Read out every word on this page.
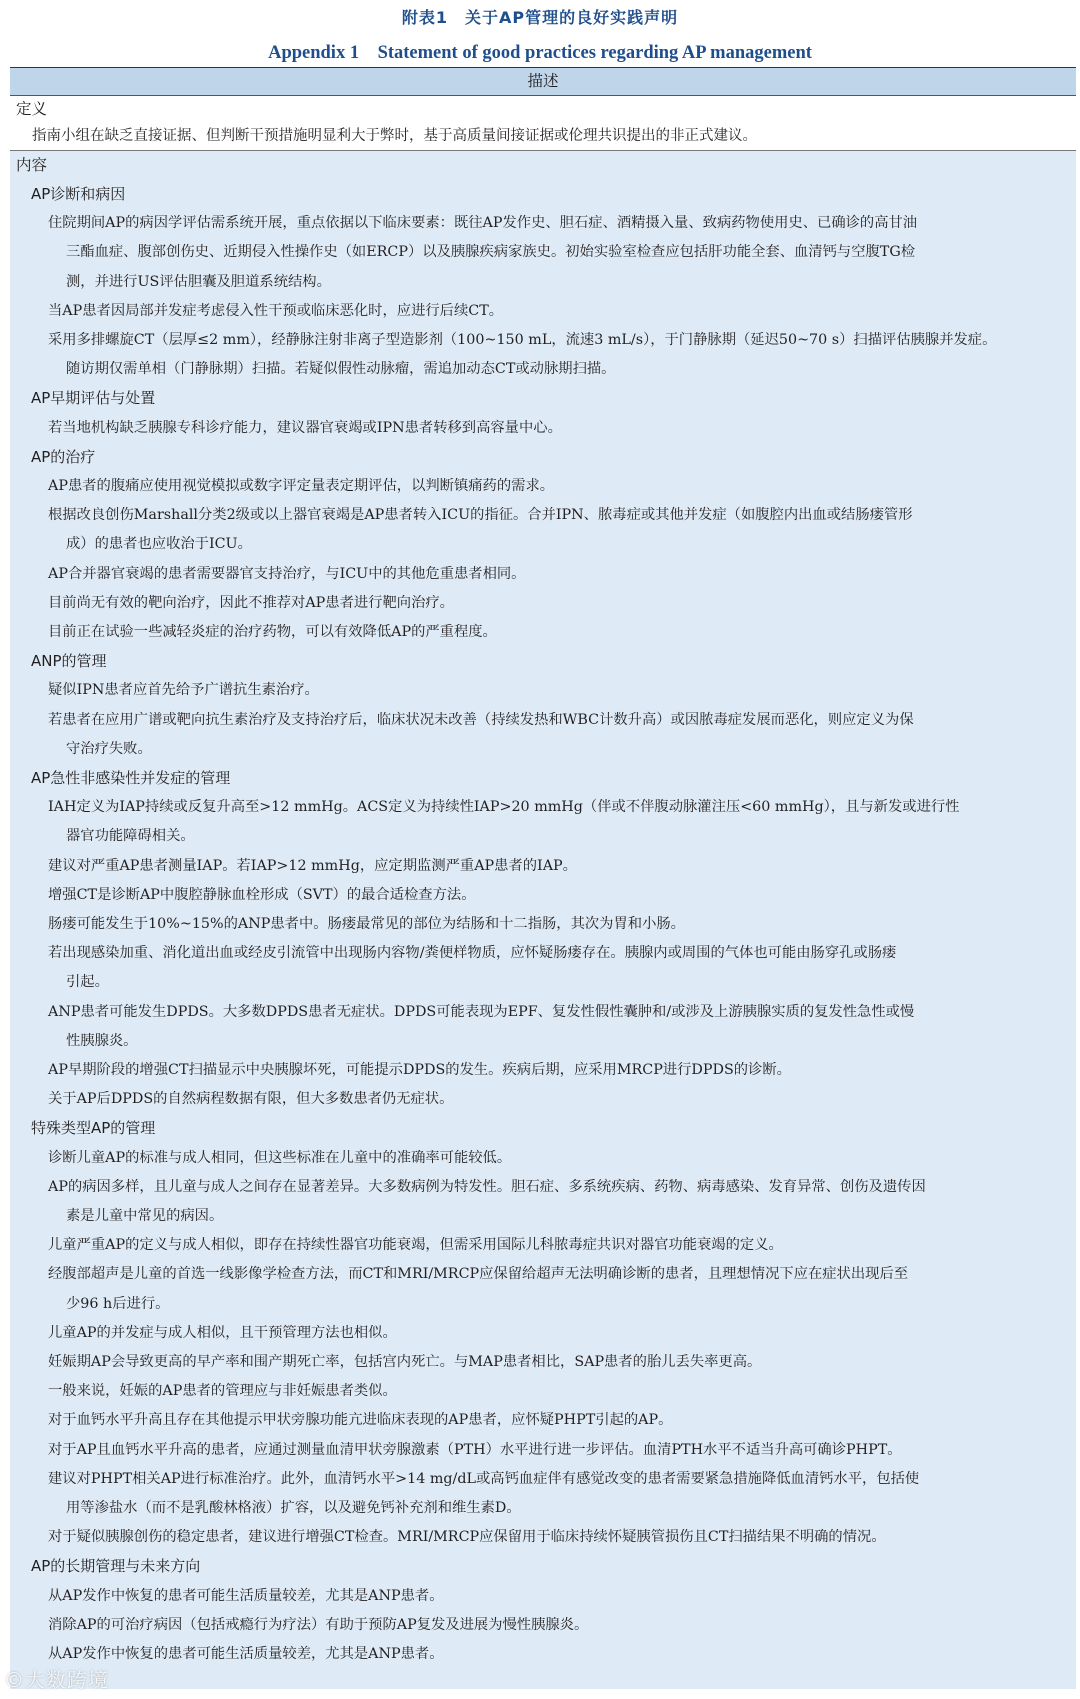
附表1　关于AP管理的良好实践声明
Appendix 1　Statement of good practices regarding AP management
描述
定义
指南小组在缺乏直接证据、但判断干预措施明显利大于弊时，基于高质量间接证据或伦理共识提出的非正式建议。
内容
AP诊断和病因
住院期间AP的病因学评估需系统开展，重点依据以下临床要素：既往AP发作史、胆石症、酒精摄入量、致病药物使用史、已确诊的高甘油
三酯血症、腹部创伤史、近期侵入性操作史（如ERCP）以及胰腺疾病家族史。初始实验室检查应包括肝功能全套、血清钙与空腹TG检
测，并进行US评估胆囊及胆道系统结构。
当AP患者因局部并发症考虑侵入性干预或临床恶化时，应进行后续CT。
采用多排螺旋CT（层厚≤2 mm），经静脉注射非离子型造影剂（100~150 mL，流速3 mL/s），于门静脉期（延迟50~70 s）扫描评估胰腺并发症。
随访期仅需单相（门静脉期）扫描。若疑似假性动脉瘤，需追加动态CT或动脉期扫描。
AP早期评估与处置
若当地机构缺乏胰腺专科诊疗能力，建议器官衰竭或IPN患者转移到高容量中心。
AP的治疗
AP患者的腹痛应使用视觉模拟或数字评定量表定期评估，以判断镇痛药的需求。
根据改良创伤Marshall分类2级或以上器官衰竭是AP患者转入ICU的指征。合并IPN、脓毒症或其他并发症（如腹腔内出血或结肠瘘管形
成）的患者也应收治于ICU。
AP合并器官衰竭的患者需要器官支持治疗，与ICU中的其他危重患者相同。
目前尚无有效的靶向治疗，因此不推荐对AP患者进行靶向治疗。
目前正在试验一些减轻炎症的治疗药物，可以有效降低AP的严重程度。
ANP的管理
疑似IPN患者应首先给予广谱抗生素治疗。
若患者在应用广谱或靶向抗生素治疗及支持治疗后，临床状况未改善（持续发热和WBC计数升高）或因脓毒症发展而恶化，则应定义为保
守治疗失败。
AP急性非感染性并发症的管理
IAH定义为IAP持续或反复升高至>12 mmHg。ACS定义为持续性IAP>20 mmHg（伴或不伴腹动脉灌注压<60 mmHg），且与新发或进行性
器官功能障碍相关。
建议对严重AP患者测量IAP。若IAP>12 mmHg，应定期监测严重AP患者的IAP。
增强CT是诊断AP中腹腔静脉血栓形成（SVT）的最合适检查方法。
肠瘘可能发生于10%~15%的ANP患者中。肠瘘最常见的部位为结肠和十二指肠，其次为胃和小肠。
若出现感染加重、消化道出血或经皮引流管中出现肠内容物/粪便样物质，应怀疑肠瘘存在。胰腺内或周围的气体也可能由肠穿孔或肠瘘
引起。
ANP患者可能发生DPDS。大多数DPDS患者无症状。DPDS可能表现为EPF、复发性假性囊肿和/或涉及上游胰腺实质的复发性急性或慢
性胰腺炎。
AP早期阶段的增强CT扫描显示中央胰腺坏死，可能提示DPDS的发生。疾病后期，应采用MRCP进行DPDS的诊断。
关于AP后DPDS的自然病程数据有限，但大多数患者仍无症状。
特殊类型AP的管理
诊断儿童AP的标准与成人相同，但这些标准在儿童中的准确率可能较低。
AP的病因多样，且儿童与成人之间存在显著差异。大多数病例为特发性。胆石症、多系统疾病、药物、病毒感染、发育异常、创伤及遗传因
素是儿童中常见的病因。
儿童严重AP的定义与成人相似，即存在持续性器官功能衰竭，但需采用国际儿科脓毒症共识对器官功能衰竭的定义。
经腹部超声是儿童的首选一线影像学检查方法，而CT和MRI/MRCP应保留给超声无法明确诊断的患者，且理想情况下应在症状出现后至
少96 h后进行。
儿童AP的并发症与成人相似，且干预管理方法也相似。
妊娠期AP会导致更高的早产率和围产期死亡率，包括宫内死亡。与MAP患者相比，SAP患者的胎儿丢失率更高。
一般来说，妊娠的AP患者的管理应与非妊娠患者类似。
对于血钙水平升高且存在其他提示甲状旁腺功能亢进临床表现的AP患者，应怀疑PHPT引起的AP。
对于AP且血钙水平升高的患者，应通过测量血清甲状旁腺激素（PTH）水平进行进一步评估。血清PTH水平不适当升高可确诊PHPT。
建议对PHPT相关AP进行标准治疗。此外，血清钙水平>14 mg/dL或高钙血症伴有感觉改变的患者需要紧急措施降低血清钙水平，包括使
用等渗盐水（而不是乳酸林格液）扩容，以及避免钙补充剂和维生素D。
对于疑似胰腺创伤的稳定患者，建议进行增强CT检查。MRI/MRCP应保留用于临床持续怀疑胰管损伤且CT扫描结果不明确的情况。
AP的长期管理与未来方向
从AP发作中恢复的患者可能生活质量较差，尤其是ANP患者。
消除AP的可治疗病因（包括戒瘾行为疗法）有助于预防AP复发及进展为慢性胰腺炎。
从AP发作中恢复的患者可能生活质量较差，尤其是ANP患者。
©大数跨境
